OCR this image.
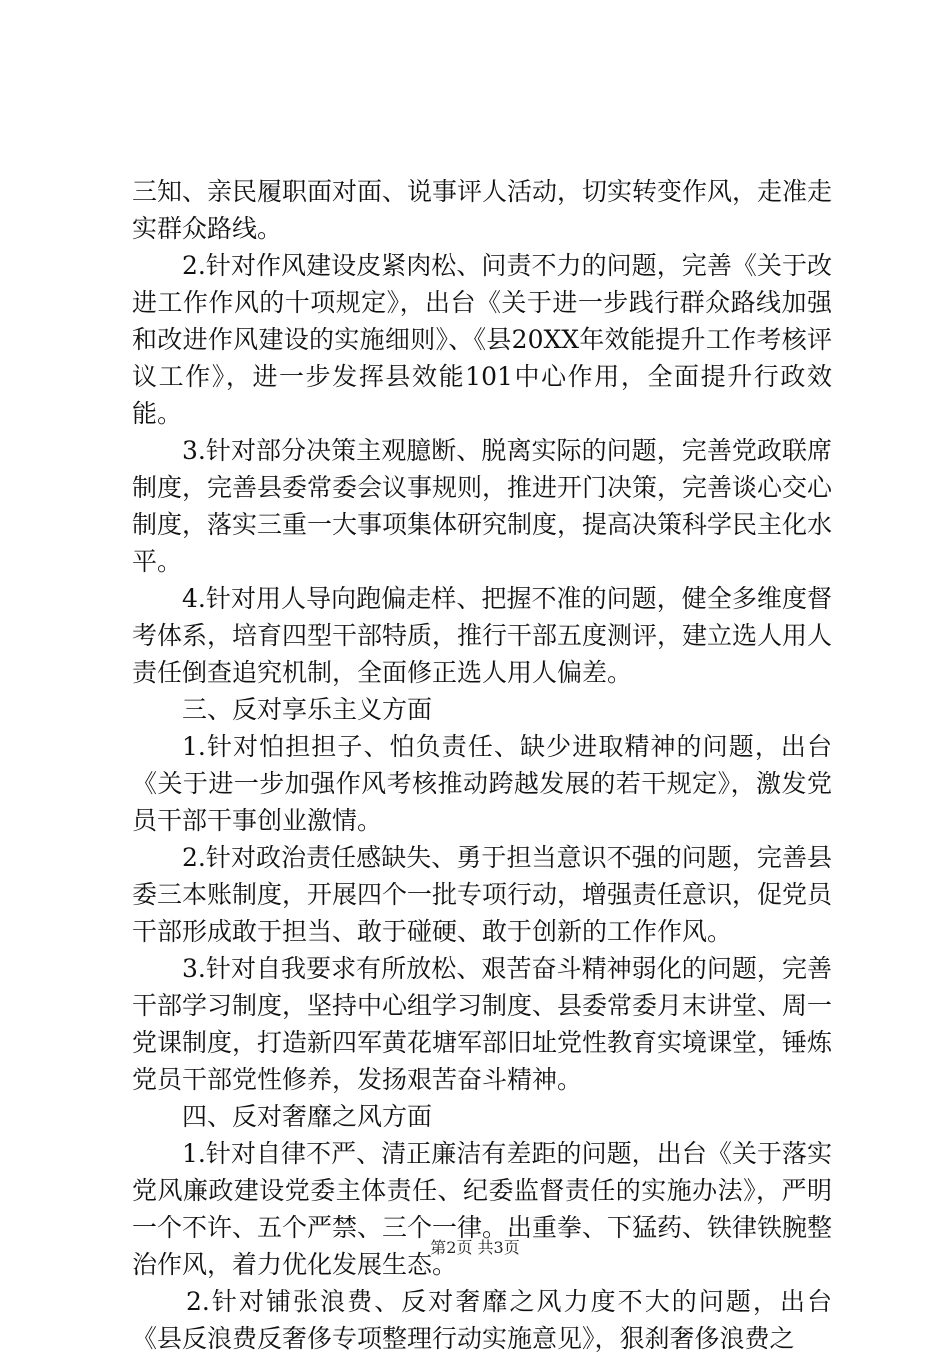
三知、亲民履职面对面、说事评人活动，切实转变作风，走准走实群众路线。

2.针对作风建设皮紧肉松、问责不力的问题，完善《关于改进工作作风的十项规定》，出台《关于进一步践行群众路线加强和改进作风建设的实施细则》、《县20XX年效能提升工作考核评议工作》，进一步发挥县效能101中心作用，全面提升行政效能。

3.针对部分决策主观臆断、脱离实际的问题，完善党政联席制度，完善县委常委会议事规则，推进开门决策，完善谈心交心制度，落实三重一大事项集体研究制度，提高决策科学民主化水平。

4.针对用人导向跑偏走样、把握不准的问题，健全多维度督考体系，培育四型干部特质，推行干部五度测评，建立选人用人责任倒查追究机制，全面修正选人用人偏差。

三、反对享乐主义方面

1.针对怕担担子、怕负责任、缺少进取精神的问题，出台《关于进一步加强作风考核推动跨越发展的若干规定》，激发党员干部干事创业激情。

2.针对政治责任感缺失、勇于担当意识不强的问题，完善县委三本账制度，开展四个一批专项行动，增强责任意识，促党员干部形成敢于担当、敢于碰硬、敢于创新的工作作风。

3.针对自我要求有所放松、艰苦奋斗精神弱化的问题，完善干部学习制度，坚持中心组学习制度、县委常委月末讲堂、周一党课制度，打造新四军黄花塘军部旧址党性教育实境课堂，锤炼党员干部党性修养，发扬艰苦奋斗精神。

四、反对奢靡之风方面

1.针对自律不严、清正廉洁有差距的问题，出台《关于落实党风廉政建设党委主体责任、纪委监督责任的实施办法》，严明一个不许、五个严禁、三个一律。出重拳、下猛药、铁律铁腕整治作风，着力优化发展生态。

2.针对铺张浪费、反对奢靡之风力度不大的问题，出台《县反浪费反奢侈专项整理行动实施意见》，狠刹奢侈浪费之

第2页 共3页
